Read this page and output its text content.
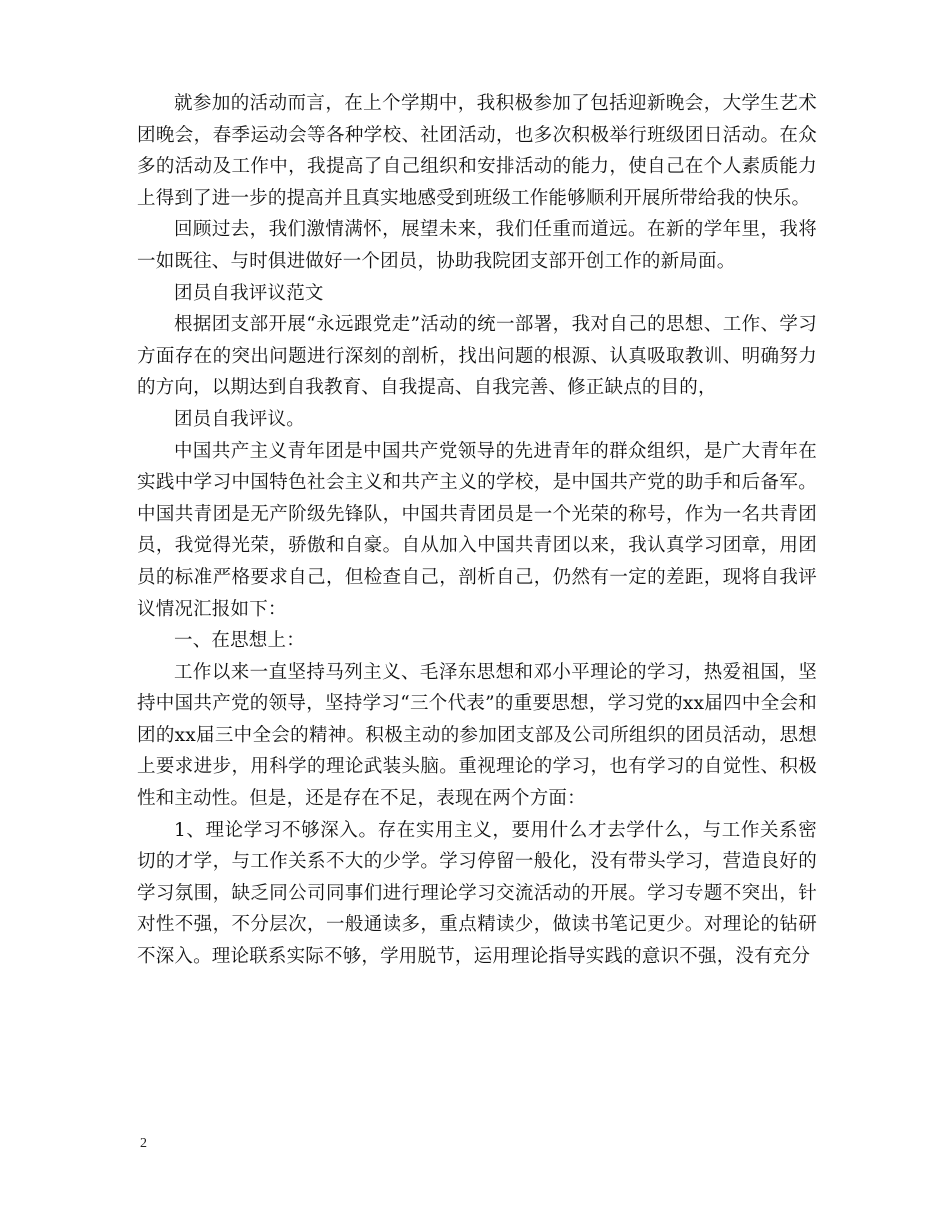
就参加的活动而言，在上个学期中，我积极参加了包括迎新晚会，大学生艺术团晚会，春季运动会等各种学校、社团活动，也多次积极举行班级团日活动。在众多的活动及工作中，我提高了自己组织和安排活动的能力，使自己在个人素质能力上得到了进一步的提高并且真实地感受到班级工作能够顺利开展所带给我的快乐。

回顾过去，我们激情满怀，展望未来，我们任重而道远。在新的学年里，我将一如既往、与时俱进做好一个团员，协助我院团支部开创工作的新局面。

团员自我评议范文

根据团支部开展“永远跟党走”活动的统一部署，我对自己的思想、工作、学习方面存在的突出问题进行深刻的剖析，找出问题的根源、认真吸取教训、明确努力的方向，以期达到自我教育、自我提高、自我完善、修正缺点的目的，

团员自我评议。

中国共产主义青年团是中国共产党领导的先进青年的群众组织，是广大青年在实践中学习中国特色社会主义和共产主义的学校，是中国共产党的助手和后备军。中国共青团是无产阶级先锋队，中国共青团员是一个光荣的称号，作为一名共青团员，我觉得光荣，骄傲和自豪。自从加入中国共青团以来，我认真学习团章，用团员的标准严格要求自己，但检查自己，剖析自己，仍然有一定的差距，现将自我评议情况汇报如下：

一、在思想上：

工作以来一直坚持马列主义、毛泽东思想和邓小平理论的学习，热爱祖国，坚持中国共产党的领导，坚持学习“三个代表”的重要思想，学习党的xx届四中全会和团的xx届三中全会的精神。积极主动的参加团支部及公司所组织的团员活动，思想上要求进步，用科学的理论武装头脑。重视理论的学习，也有学习的自觉性、积极性和主动性。但是，还是存在不足，表现在两个方面：

1、理论学习不够深入。存在实用主义，要用什么才去学什么，与工作关系密切的才学，与工作关系不大的少学。学习停留一般化，没有带头学习，营造良好的学习氛围，缺乏同公司同事们进行理论学习交流活动的开展。学习专题不突出，针对性不强，不分层次，一般通读多，重点精读少，做读书笔记更少。对理论的钻研不深入。理论联系实际不够，学用脱节，运用理论指导实践的意识不强，没有充分

2
